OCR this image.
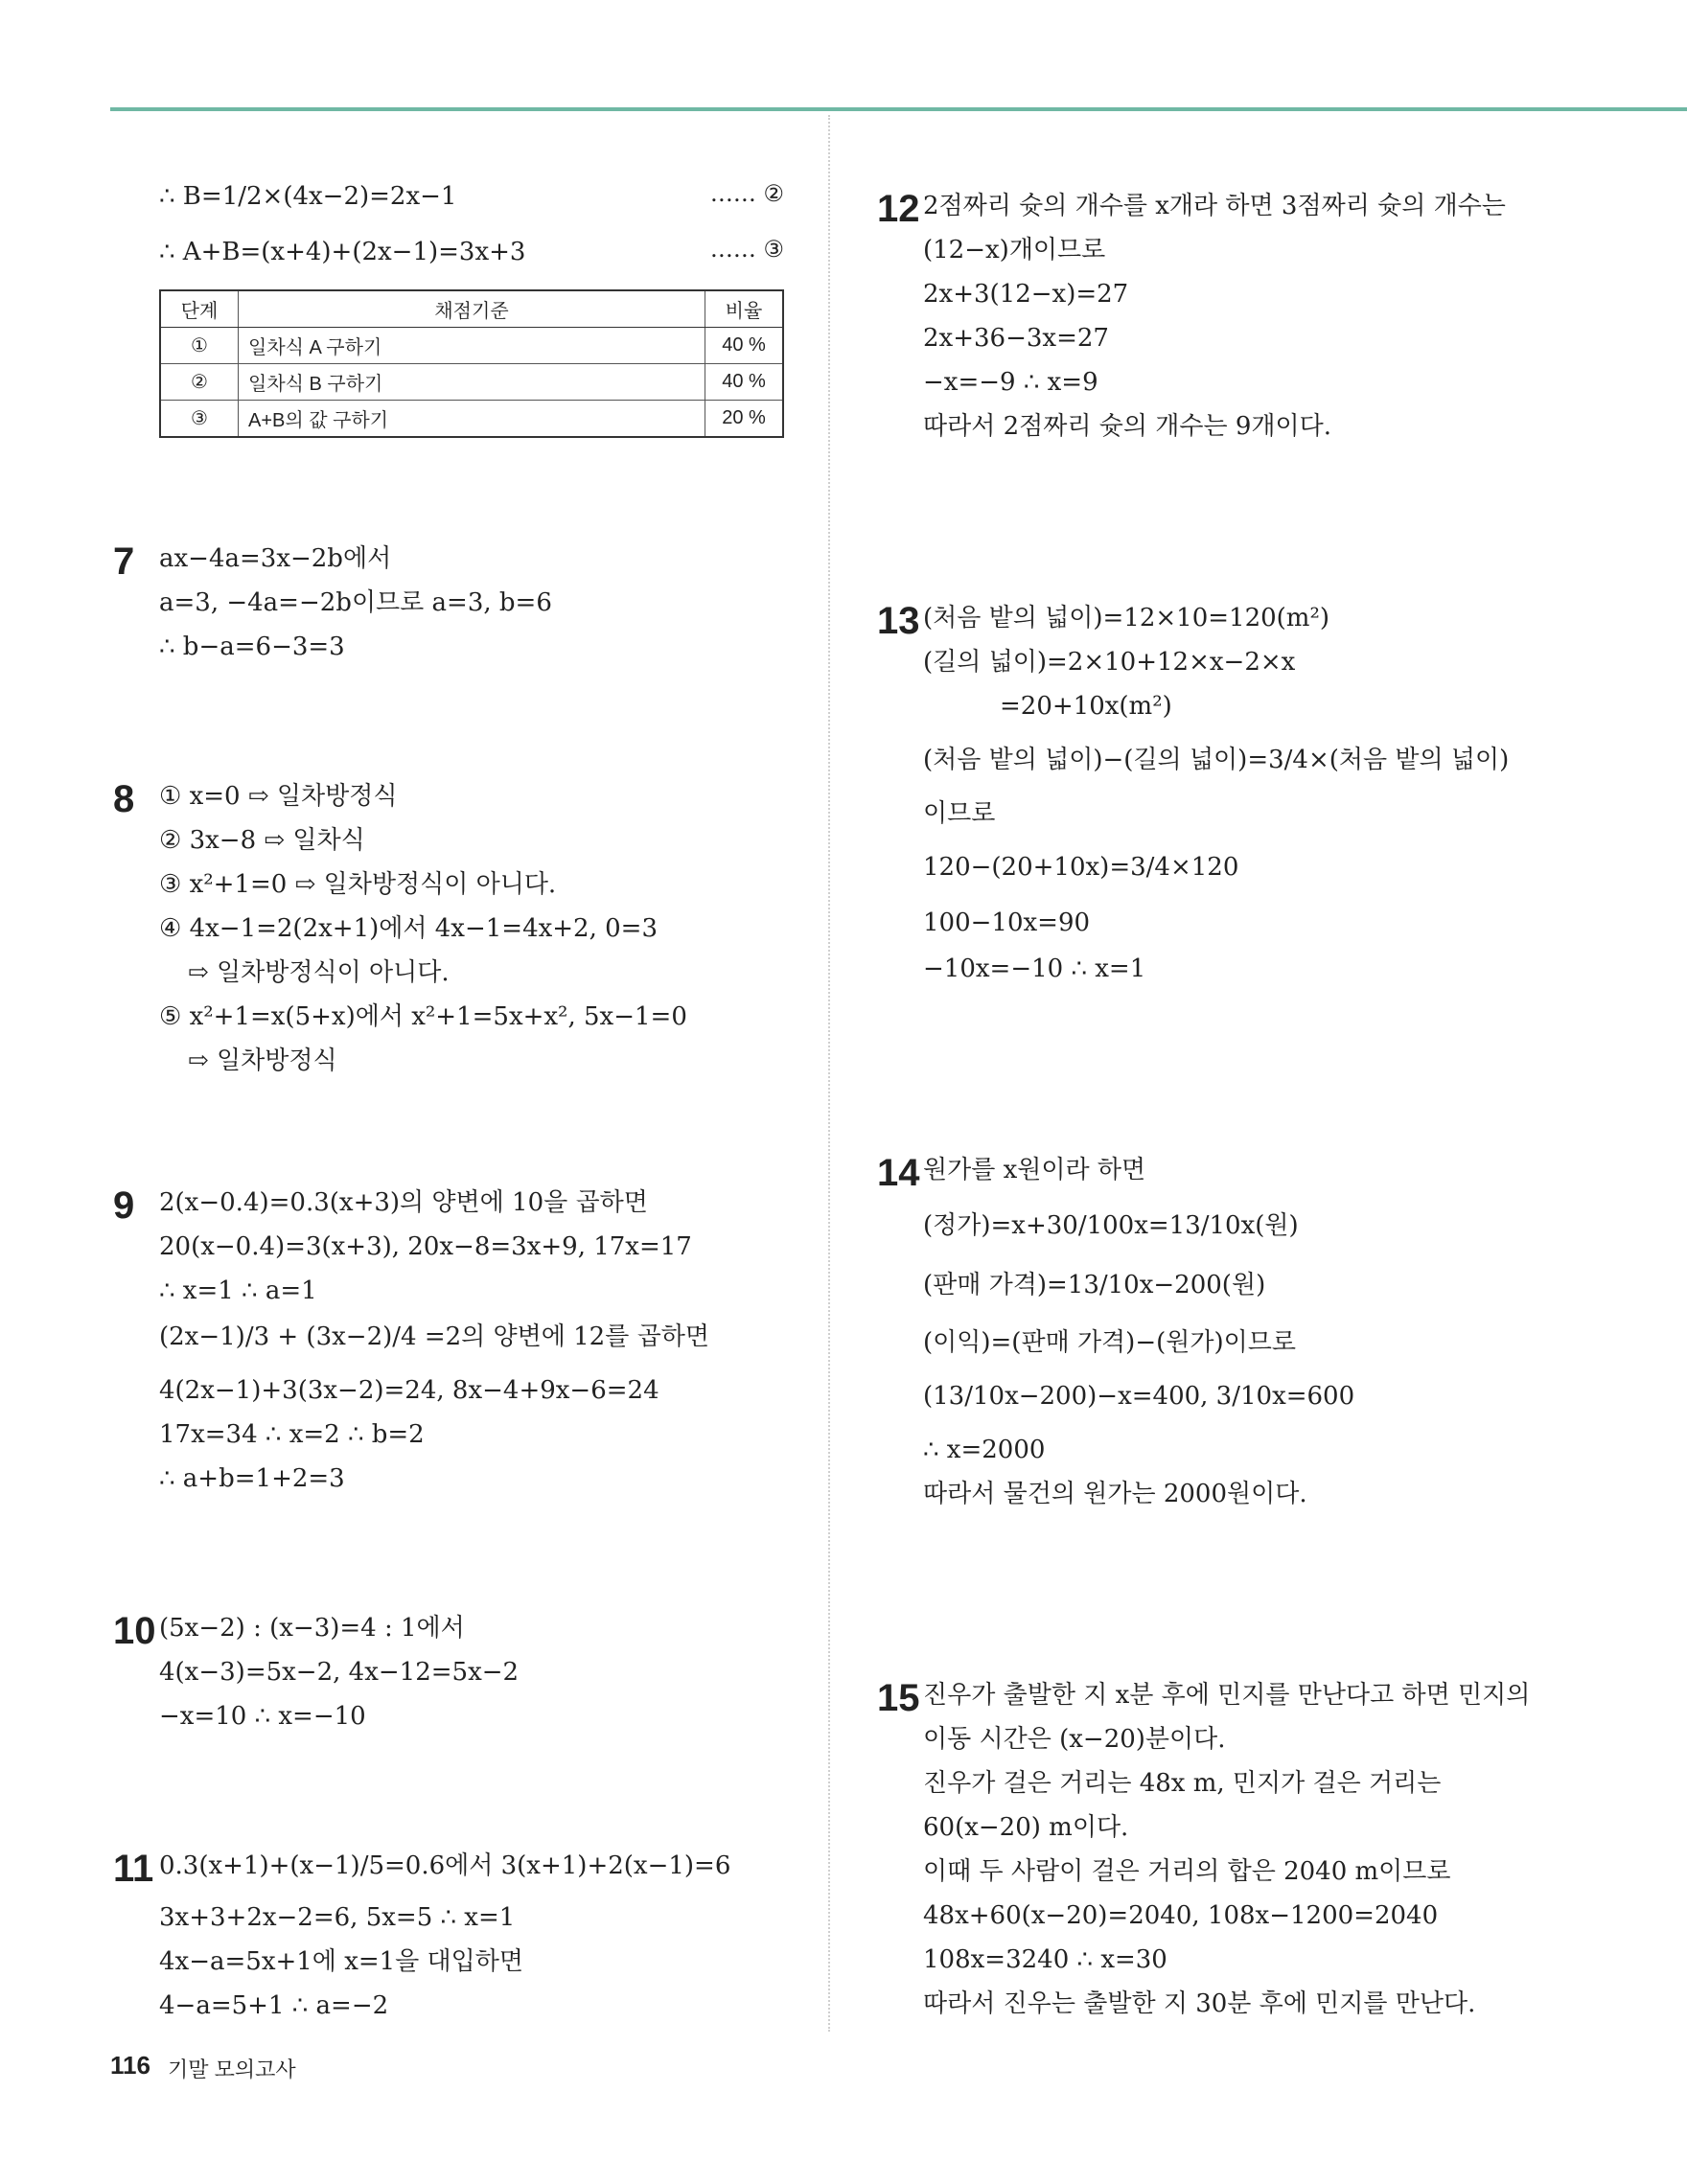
∴ B=1/2×(4x−2)=2x−1	…… ②
∴ A+B=(x+4)+(2x−1)=3x+3	…… ③
단계	채점기준	비율
①	일차식 A 구하기	40 %
②	일차식 B 구하기	40 %
③	A+B의 값 구하기	20 %
7 ax−4a=3x−2b에서
a=3, −4a=−2b이므로 a=3, b=6
∴ b−a=6−3=3
8 ① x=0 ⇨ 일차방정식
② 3x−8 ⇨ 일차식
③ x²+1=0 ⇨ 일차방정식이 아니다.
④ 4x−1=2(2x+1)에서 4x−1=4x+2, 0=3
⇨ 일차방정식이 아니다.
⑤ x²+1=x(5+x)에서 x²+1=5x+x², 5x−1=0
⇨ 일차방정식
9 2(x−0.4)=0.3(x+3)의 양변에 10을 곱하면
20(x−0.4)=3(x+3), 20x−8=3x+9, 17x=17
∴ x=1 ∴ a=1
(2x−1)/3 + (3x−2)/4 =2의 양변에 12를 곱하면
4(2x−1)+3(3x−2)=24, 8x−4+9x−6=24
17x=34 ∴ x=2 ∴ b=2
∴ a+b=1+2=3
10 (5x−2) : (x−3)=4 : 1에서
4(x−3)=5x−2, 4x−12=5x−2
−x=10 ∴ x=−10
11 0.3(x+1)+(x−1)/5=0.6에서 3(x+1)+2(x−1)=6
3x+3+2x−2=6, 5x=5 ∴ x=1
4x−a=5x+1에 x=1을 대입하면
4−a=5+1 ∴ a=−2
12 2점짜리 슛의 개수를 x개라 하면 3점짜리 슛의 개수는
(12−x)개이므로
2x+3(12−x)=27
2x+36−3x=27
−x=−9 ∴ x=9
따라서 2점짜리 슛의 개수는 9개이다.
13 (처음 밭의 넓이)=12×10=120(m²)
(길의 넓이)=2×10+12×x−2×x
=20+10x(m²)
(처음 밭의 넓이)−(길의 넓이)=3/4×(처음 밭의 넓이)
이므로
120−(20+10x)=3/4×120
100−10x=90
−10x=−10 ∴ x=1
14 원가를 x원이라 하면
(정가)=x+30/100x=13/10x(원)
(판매 가격)=13/10x−200(원)
(이익)=(판매 가격)−(원가)이므로
(13/10x−200)−x=400, 3/10x=600
∴ x=2000
따라서 물건의 원가는 2000원이다.
15 진우가 출발한 지 x분 후에 민지를 만난다고 하면 민지의
이동 시간은 (x−20)분이다.
진우가 걸은 거리는 48x m, 민지가 걸은 거리는
60(x−20) m이다.
이때 두 사람이 걸은 거리의 합은 2040 m이므로
48x+60(x−20)=2040, 108x−1200=2040
108x=3240 ∴ x=30
따라서 진우는 출발한 지 30분 후에 민지를 만난다.
116 기말 모의고사
